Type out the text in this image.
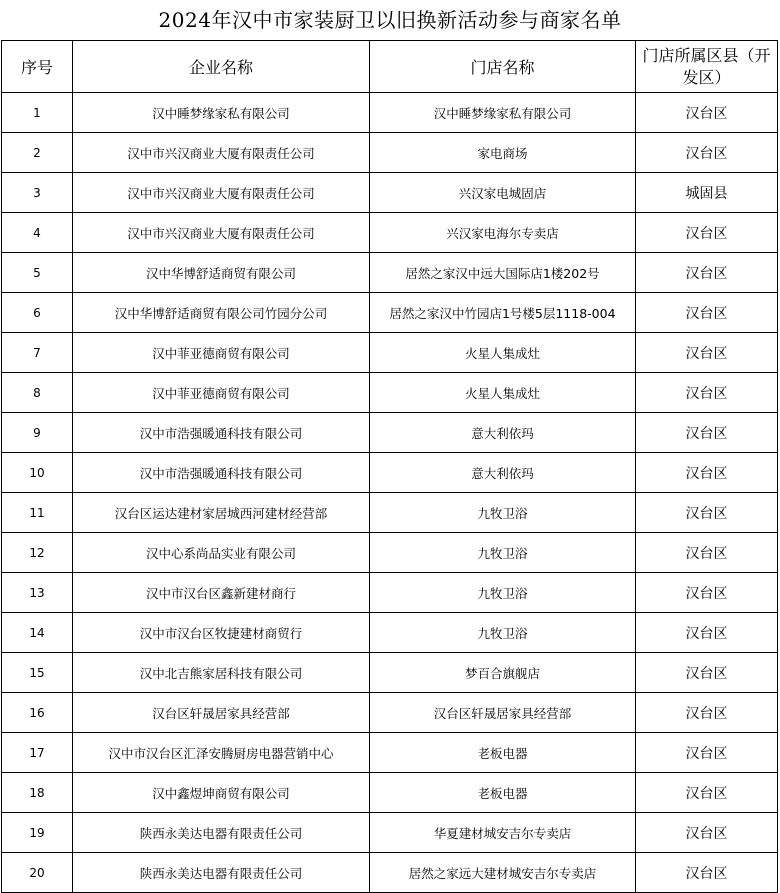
2024年汉中市家装厨卫以旧换新活动参与商家名单
序号	企业名称	门店名称	门店所属区县（开发区）
1	汉中睡梦缘家私有限公司	汉中睡梦缘家私有限公司	汉台区
2	汉中市兴汉商业大厦有限责任公司	家电商场	汉台区
3	汉中市兴汉商业大厦有限责任公司	兴汉家电城固店	城固县
4	汉中市兴汉商业大厦有限责任公司	兴汉家电海尔专卖店	汉台区
5	汉中华博舒适商贸有限公司	居然之家汉中远大国际店1楼202号	汉台区
6	汉中华博舒适商贸有限公司竹园分公司	居然之家汉中竹园店1号楼5层1118-004	汉台区
7	汉中菲亚德商贸有限公司	火星人集成灶	汉台区
8	汉中菲亚德商贸有限公司	火星人集成灶	汉台区
9	汉中市浩强暖通科技有限公司	意大利依玛	汉台区
10	汉中市浩强暖通科技有限公司	意大利依玛	汉台区
11	汉台区运达建材家居城西河建材经营部	九牧卫浴	汉台区
12	汉中心系尚品实业有限公司	九牧卫浴	汉台区
13	汉中市汉台区鑫新建材商行	九牧卫浴	汉台区
14	汉中市汉台区牧捷建材商贸行	九牧卫浴	汉台区
15	汉中北吉熊家居科技有限公司	梦百合旗舰店	汉台区
16	汉台区轩晟居家具经营部	汉台区轩晟居家具经营部	汉台区
17	汉中市汉台区汇泽安腾厨房电器营销中心	老板电器	汉台区
18	汉中鑫煜坤商贸有限公司	老板电器	汉台区
19	陕西永美达电器有限责任公司	华夏建材城安吉尔专卖店	汉台区
20	陕西永美达电器有限责任公司	居然之家远大建材城安吉尔专卖店	汉台区
